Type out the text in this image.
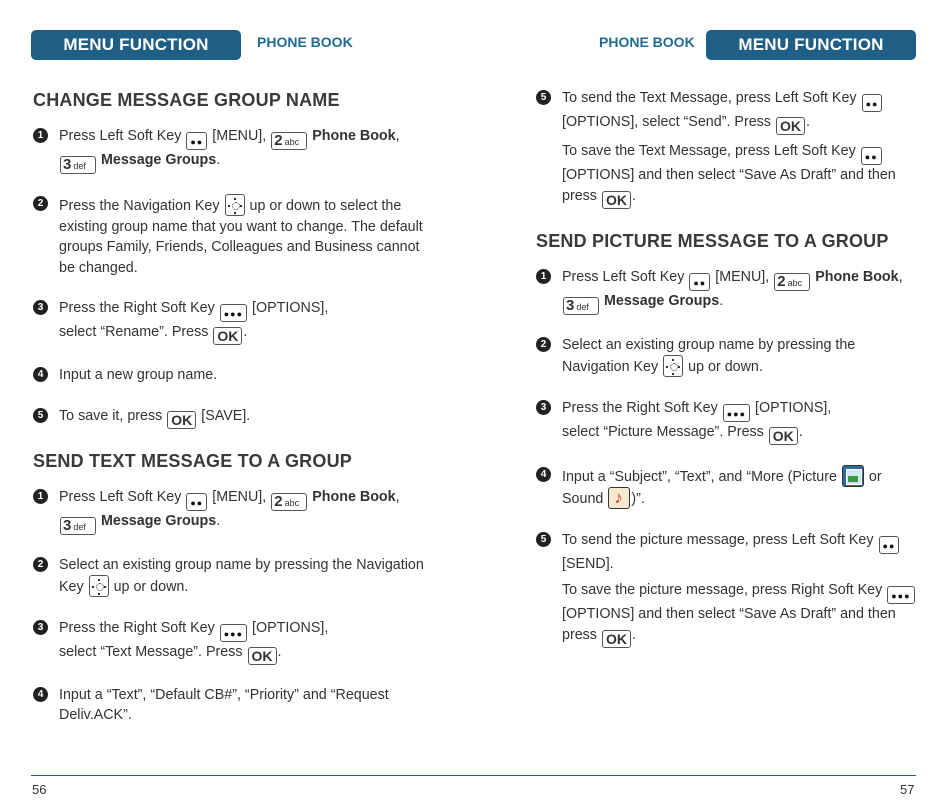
MENU FUNCTION	PHONE BOOK
CHANGE MESSAGE GROUP NAME
1	Press Left Soft Key ●● [MENU], 2 abc Phone Book, 3 def Message Groups.

2	Press the Navigation Key up or down to select the existing group name that you want to change. The default groups Family, Friends, Colleagues and Business cannot be changed.

3	Press the Right Soft Key ●●●	[OPTIONS],
select “Rename”. Press OK .

4	Input a new group name.

5	To save it, press OK [SAVE].

SEND TEXT MESSAGE TO A GROUP
1	Press Left Soft Key ●● [MENU], 2 abc Phone Book, 3 def Message Groups.

2	Select an existing group name by pressing the Navigation Key up or down.

3	Press the Right Soft Key ●●●	[OPTIONS],
select “Text Message”. Press OK .

4	Input a “Text”, “Default CB#”, “Priority” and “Request Deliv.ACK”.

56
PHONE BOOK	MENU FUNCTION
5	To send the Text Message, press Left Soft Key ●● [OPTIONS], select “Send”. Press OK .

To save the Text Message, press Left Soft Key ●● [OPTIONS] and then select “Save As Draft” and then press OK .

SEND PICTURE MESSAGE TO A GROUP
1	Press Left Soft Key ●● [MENU], 2 abc Phone Book, 3 def Message Groups.

2	Select an existing group name by pressing the Navigation Key up or down.

3	Press the Right Soft Key ●●●	[OPTIONS],
select “Picture Message”. Press OK .

4	Input a “Subject”, “Text”, and “More (Picture or
Sound ♪ )”.

5	To send the picture message, press Left Soft Key ●● [SEND].

To save the picture message, press Right Soft Key ●●● [OPTIONS] and then select “Save As Draft” and then press OK .

57
